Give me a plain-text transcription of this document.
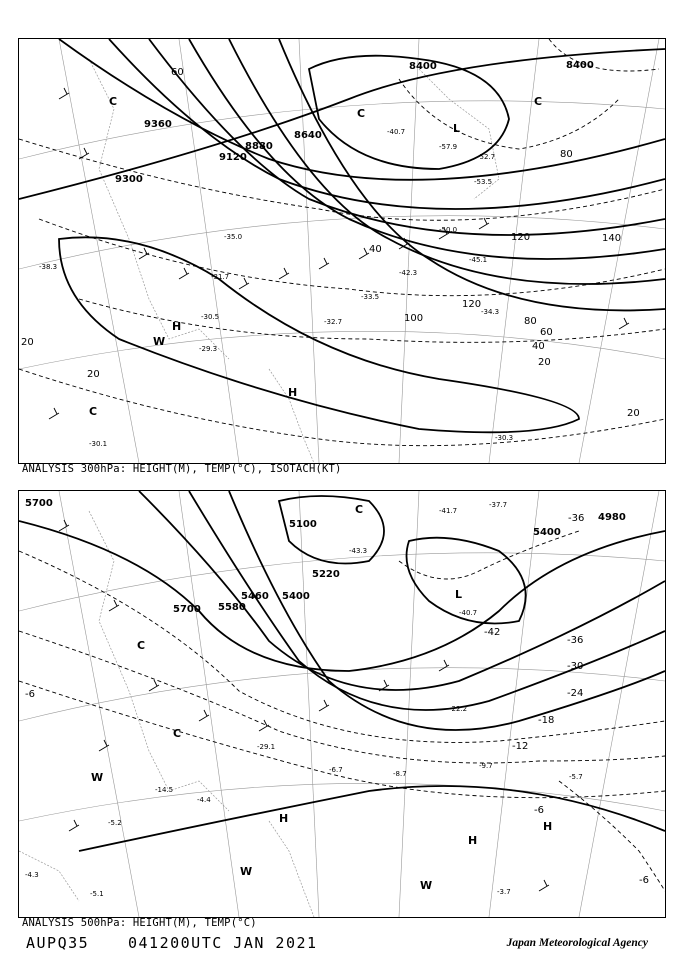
9360
9300
9120
8880
8640
8400	8400
20
20
20
20
40
40
60
60
80
80
100
120
120
140
-52.7
-53.5
-50.0
-45.1
-42.3
-35.0
-31.7
-30.5
-32.7
-29.3
-30.1
-30.3
-33.5
-34.3
-38.3
-40.7
-57.9
H
H
L
C
C
C
C
W
ANALYSIS 300hPa: HEIGHT(M), TEMP(°C), ISOTACH(KT)
5700
5700 5580
5460 5400
5220
5100
4980
5400
-42
-36
-36
-30
-24
-18
-12
-6
-6
-6
-41.7
-43.3
-40.7
-37.7
-22.2
-8.7
-9.7
-5.7
-4.4
-3.7
-5.1
-5.2
-4.3
-29.1
-14.5
-6.7
H
H
H
L
C
C
C
W
W
W
ANALYSIS 500hPa: HEIGHT(M), TEMP(°C)
AUPQ35	041200UTC JAN 2021	Japan Meteorological Agency
